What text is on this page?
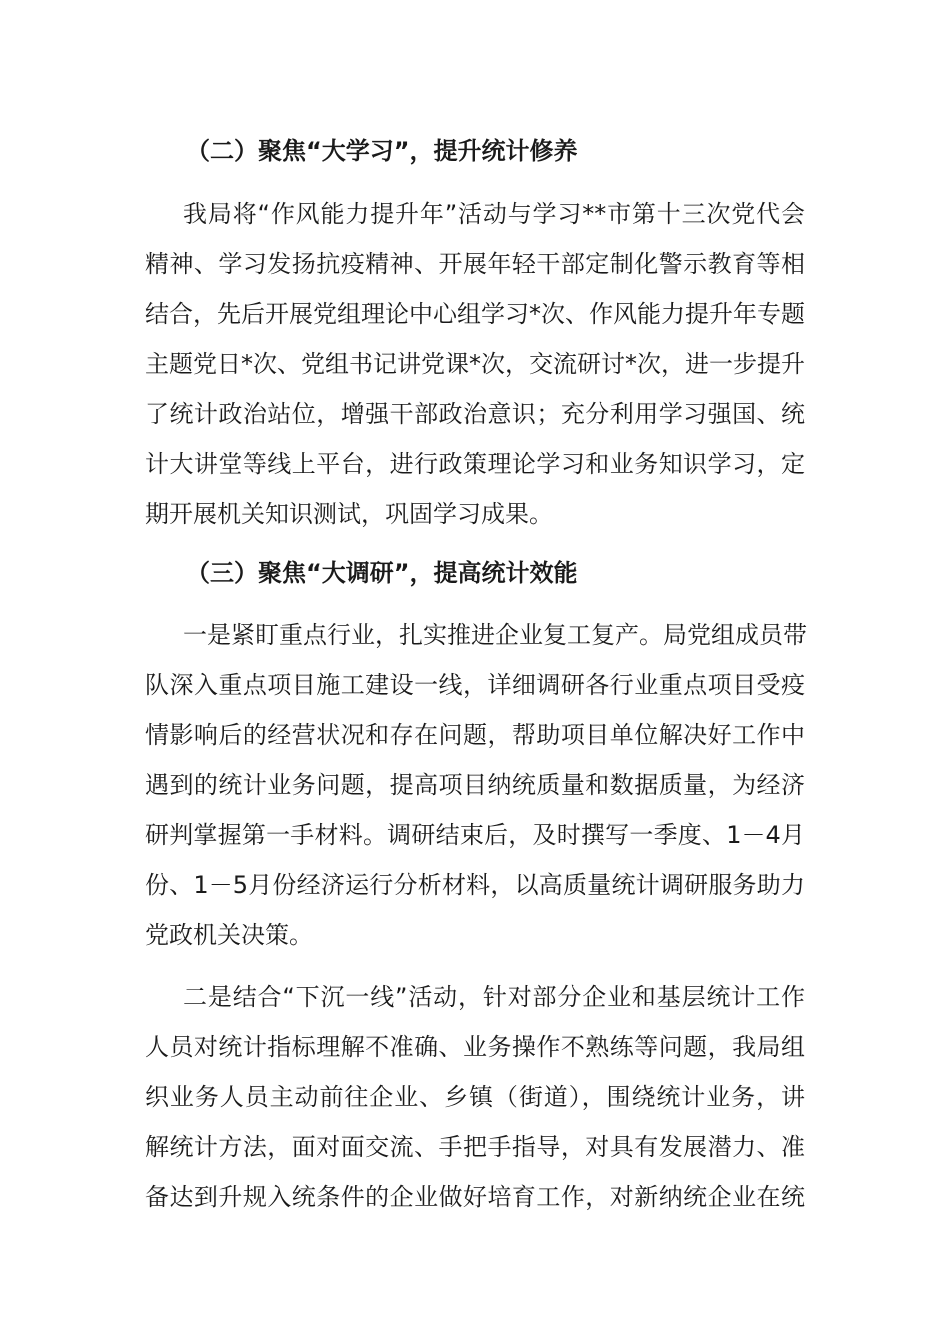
（二）聚焦“大学习”，提升统计修养
我局将“作风能力提升年”活动与学习**市第十三次党代会
精神、学习发扬抗疫精神、开展年轻干部定制化警示教育等相
结合，先后开展党组理论中心组学习*次、作风能力提升年专题
主题党日*次、党组书记讲党课*次，交流研讨*次，进一步提升
了统计政治站位，增强干部政治意识；充分利用学习强国、统
计大讲堂等线上平台，进行政策理论学习和业务知识学习，定
期开展机关知识测试，巩固学习成果。
（三）聚焦“大调研”，提高统计效能
一是紧盯重点行业，扎实推进企业复工复产。局党组成员带
队深入重点项目施工建设一线，详细调研各行业重点项目受疫
情影响后的经营状况和存在问题，帮助项目单位解决好工作中
遇到的统计业务问题，提高项目纳统质量和数据质量，为经济
研判掌握第一手材料。调研结束后，及时撰写一季度、1－4月
份、1－5月份经济运行分析材料，以高质量统计调研服务助力
党政机关决策。
二是结合“下沉一线”活动，针对部分企业和基层统计工作
人员对统计指标理解不准确、业务操作不熟练等问题，我局组
织业务人员主动前往企业、乡镇（街道），围绕统计业务，讲
解统计方法，面对面交流、手把手指导，对具有发展潜力、准
备达到升规入统条件的企业做好培育工作，对新纳统企业在统
